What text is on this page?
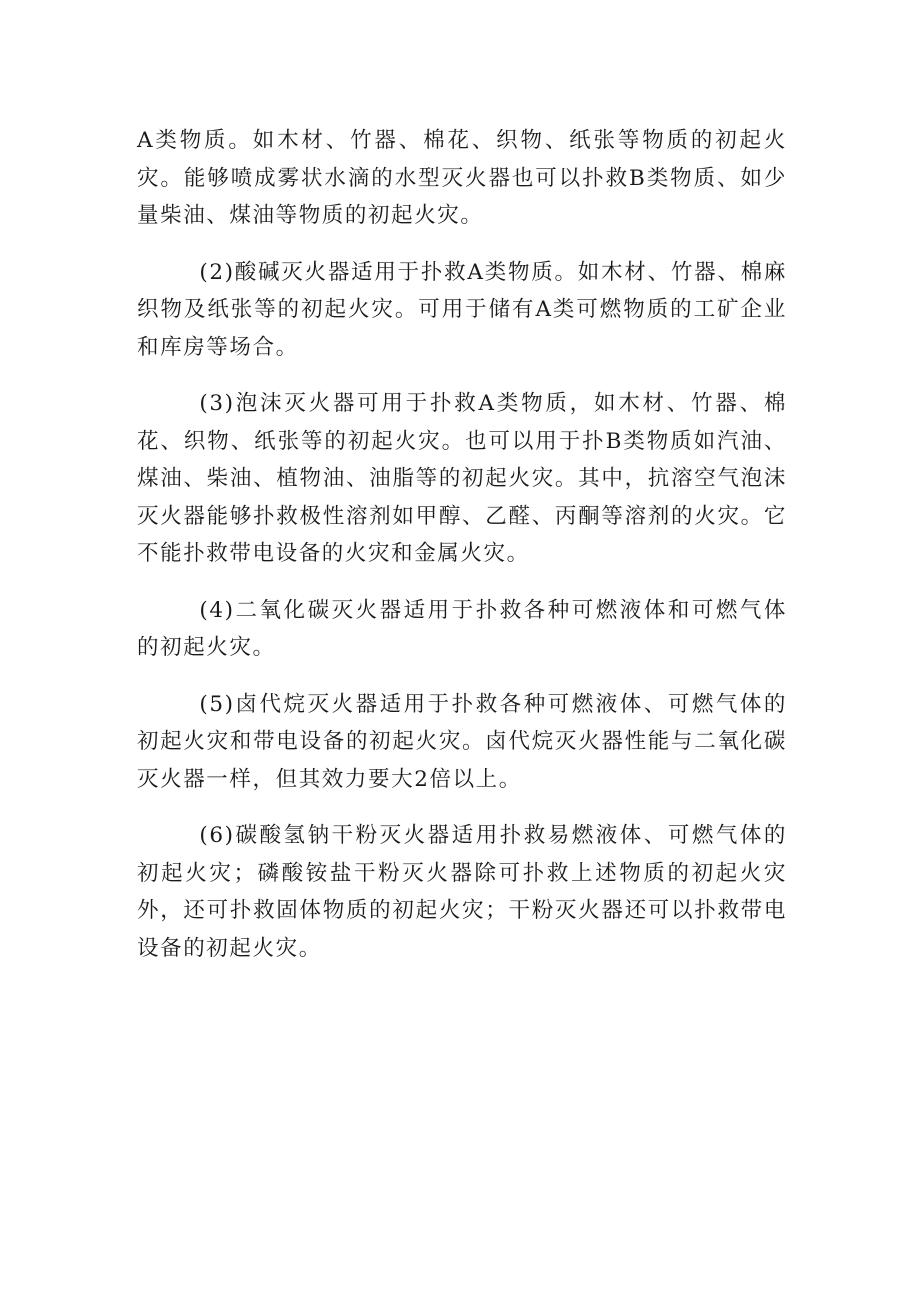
A类物质。如木材、竹器、棉花、织物、纸张等物质的初起火灾。能够喷成雾状水滴的水型灭火器也可以扑救B类物质、如少量柴油、煤油等物质的初起火灾。

(2)酸碱灭火器适用于扑救A类物质。如木材、竹器、棉麻织物及纸张等的初起火灾。可用于储有A类可燃物质的工矿企业和库房等场合。

(3)泡沫灭火器可用于扑救A类物质，如木材、竹器、棉花、织物、纸张等的初起火灾。也可以用于扑B类物质如汽油、煤油、柴油、植物油、油脂等的初起火灾。其中，抗溶空气泡沫灭火器能够扑救极性溶剂如甲醇、乙醛、丙酮等溶剂的火灾。它不能扑救带电设备的火灾和金属火灾。

(4)二氧化碳灭火器适用于扑救各种可燃液体和可燃气体的初起火灾。

(5)卤代烷灭火器适用于扑救各种可燃液体、可燃气体的初起火灾和带电设备的初起火灾。卤代烷灭火器性能与二氧化碳灭火器一样，但其效力要大2倍以上。

(6)碳酸氢钠干粉灭火器适用扑救易燃液体、可燃气体的初起火灾；磷酸铵盐干粉灭火器除可扑救上述物质的初起火灾外，还可扑救固体物质的初起火灾；干粉灭火器还可以扑救带电设备的初起火灾。
